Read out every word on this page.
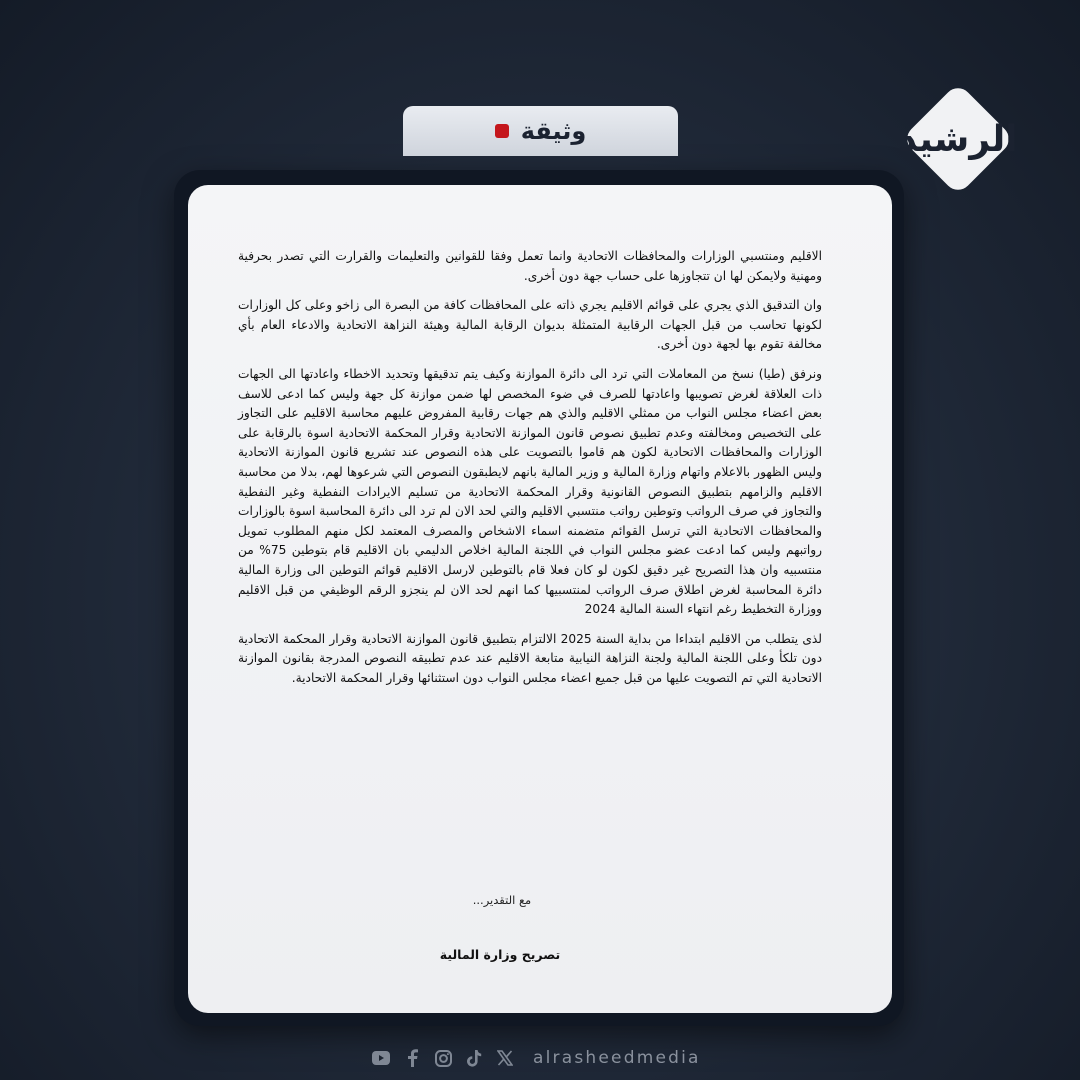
وثيقة	الرشيد

الاقليم ومنتسبي الوزارات والمحافظات الاتحادية وانما تعمل وفقا للقوانين والتعليمات والقرارت التي تصدر بحرفية ومهنية ولايمكن لها ان تتجاوزها على حساب جهة دون أخرى.

وان التدقيق الذي يجري على قوائم الاقليم يجري ذاته على المحافظات كافة من البصرة الى زاخو وعلى كل الوزارات لكونها تحاسب من قبل الجهات الرقابية المتمثلة بديوان الرقابة المالية وهيئة النزاهة الاتحادية والادعاء العام بأي مخالفة تقوم بها لجهة دون أخرى.

ونرفق (طيا) نسخ من المعاملات التي ترد الى دائرة الموازنة وكيف يتم تدقيقها وتحديد الاخطاء واعادتها الى الجهات ذات العلاقة لغرض تصويبها واعادتها للصرف في ضوء المخصص لها ضمن موازنة كل جهة وليس كما ادعى للاسف بعض اعضاء مجلس النواب من ممثلي الاقليم والذي هم جهات رقابية المفروض عليهم محاسبة الاقليم على التجاوز على التخصيص ومخالفته وعدم تطبيق نصوص قانون الموازنة الاتحادية وقرار المحكمة الاتحادية اسوة بالرقابة على الوزارات والمحافظات الاتحادية لكون هم قاموا بالتصويت على هذه النصوص عند تشريع قانون الموازنة الاتحادية وليس الظهور بالاعلام واتهام وزارة المالية و وزير المالية بانهم لايطبقون النصوص التي شرعوها لهم، بدلا من محاسبة الاقليم والزامهم بتطبيق النصوص القانونية وقرار المحكمة الاتحادية من تسليم الايرادات النفطية وغير النفطية والتجاوز في صرف الرواتب وتوطين رواتب منتسبي الاقليم والتي لحد الان لم ترد الى دائرة المحاسبة اسوة بالوزارات والمحافظات الاتحادية التي ترسل القوائم متضمنه اسماء الاشخاص والمصرف المعتمد لكل منهم المطلوب تمويل رواتبهم وليس كما ادعت عضو مجلس النواب في اللجنة المالية اخلاص الدليمي بان الاقليم قام بتوطين 75% من منتسبيه وان هذا التصريح غير دقيق لكون لو كان فعلا قام بالتوطين لارسل الاقليم قوائم التوطين الى وزارة المالية دائرة المحاسبة لغرض اطلاق صرف الرواتب لمنتسبيها كما انهم لحد الان لم ينجزو الرقم الوظيفي من قبل الاقليم ووزارة التخطيط رغم انتهاء السنة المالية 2024

لذى يتطلب من الاقليم ابتداءا من بداية السنة 2025 الالتزام بتطبيق قانون الموازنة الاتحادية وقرار المحكمة الاتحادية دون تلكأ وعلى اللجنة المالية ولجنة النزاهة النيابية متابعة الاقليم عند عدم تطبيقه النصوص المدرجة بقانون الموازنة الاتحادية التي تم التصويت عليها من قبل جميع اعضاء مجلس النواب دون استثنائها وقرار المحكمة الاتحادية.

مع التقدير...
تصريح وزارة المالية
alrasheedmedia
